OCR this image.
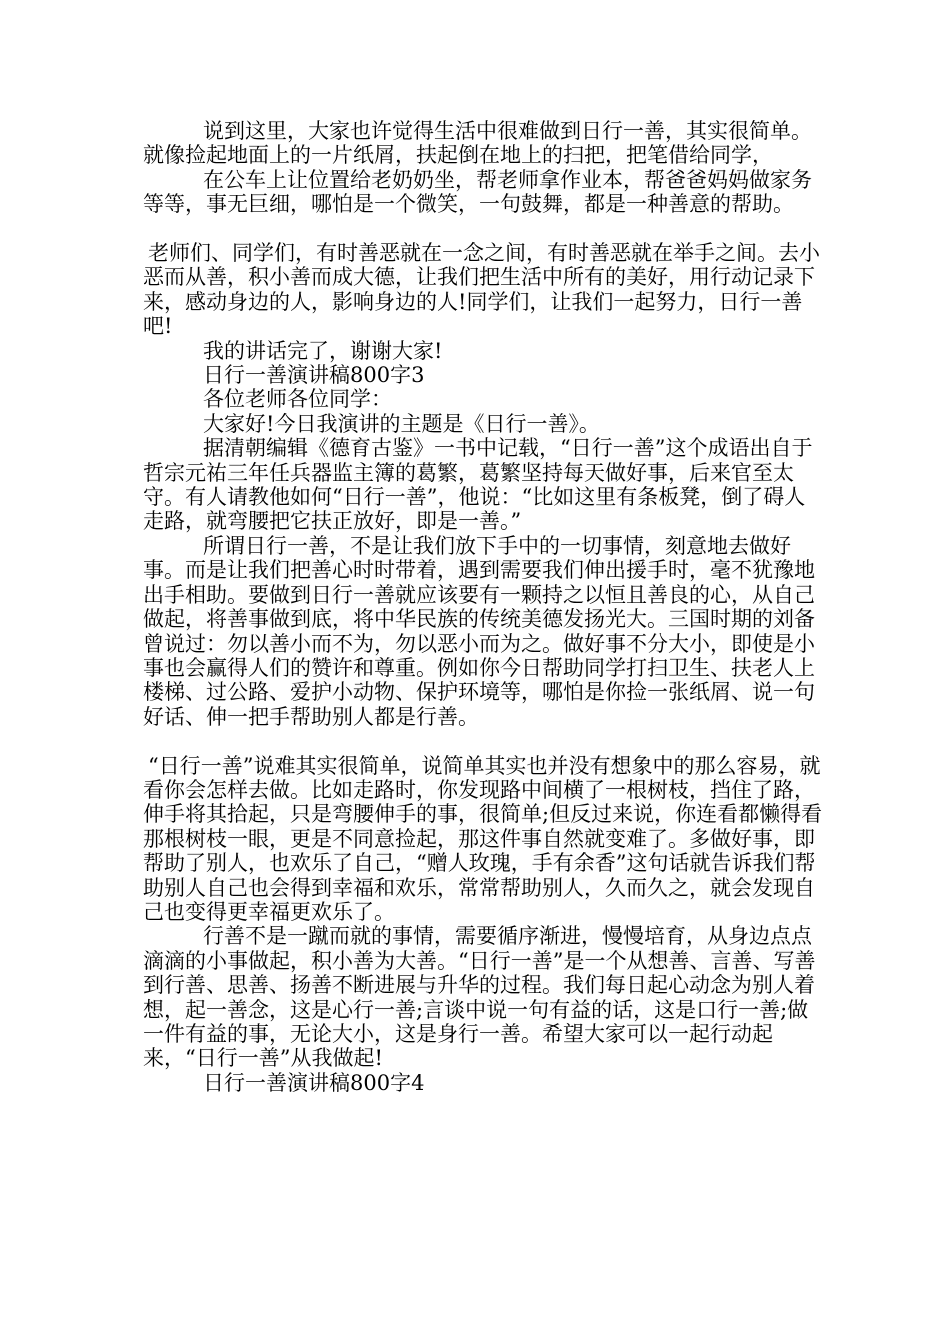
说到这里，大家也许觉得生活中很难做到日行一善，其实很简单。就像捡起地面上的一片纸屑，扶起倒在地上的扫把，把笔借给同学，

在公车上让位置给老奶奶坐，帮老师拿作业本，帮爸爸妈妈做家务等等，事无巨细，哪怕是一个微笑，一句鼓舞，都是一种善意的帮助。

老师们、同学们，有时善恶就在一念之间，有时善恶就在举手之间。去小恶而从善，积小善而成大德，让我们把生活中所有的美好，用行动记录下来，感动身边的人，影响身边的人!同学们，让我们一起努力，日行一善吧!

我的讲话完了，谢谢大家!

日行一善演讲稿800字3

各位老师各位同学：

大家好!今日我演讲的主题是《日行一善》。

据清朝编辑《德育古鉴》一书中记载，“日行一善”这个成语出自于哲宗元祐三年任兵器监主簿的葛繁，葛繁坚持每天做好事，后来官至太守。有人请教他如何“日行一善”，他说：“比如这里有条板凳，倒了碍人走路，就弯腰把它扶正放好，即是一善。”

所谓日行一善，不是让我们放下手中的一切事情，刻意地去做好事。而是让我们把善心时时带着，遇到需要我们伸出援手时，毫不犹豫地出手相助。要做到日行一善就应该要有一颗持之以恒且善良的心，从自己做起，将善事做到底，将中华民族的传统美德发扬光大。三国时期的刘备曾说过：勿以善小而不为，勿以恶小而为之。做好事不分大小，即使是小事也会赢得人们的赞许和尊重。例如你今日帮助同学打扫卫生、扶老人上楼梯、过公路、爱护小动物、保护环境等，哪怕是你捡一张纸屑、说一句好话、伸一把手帮助别人都是行善。

“日行一善”说难其实很简单，说简单其实也并没有想象中的那么容易，就看你会怎样去做。比如走路时，你发现路中间横了一根树枝，挡住了路，伸手将其拾起，只是弯腰伸手的事，很简单;但反过来说，你连看都懒得看那根树枝一眼，更是不同意捡起，那这件事自然就变难了。多做好事，即帮助了别人，也欢乐了自己，“赠人玫瑰，手有余香”这句话就告诉我们帮助别人自己也会得到幸福和欢乐，常常帮助别人，久而久之，就会发现自己也变得更幸福更欢乐了。

行善不是一蹴而就的事情，需要循序渐进，慢慢培育，从身边点点滴滴的小事做起，积小善为大善。“日行一善”是一个从想善、言善、写善到行善、思善、扬善不断进展与升华的过程。我们每日起心动念为别人着想，起一善念，这是心行一善;言谈中说一句有益的话，这是口行一善;做一件有益的事，无论大小，这是身行一善。希望大家可以一起行动起来，“日行一善”从我做起!

日行一善演讲稿800字4
